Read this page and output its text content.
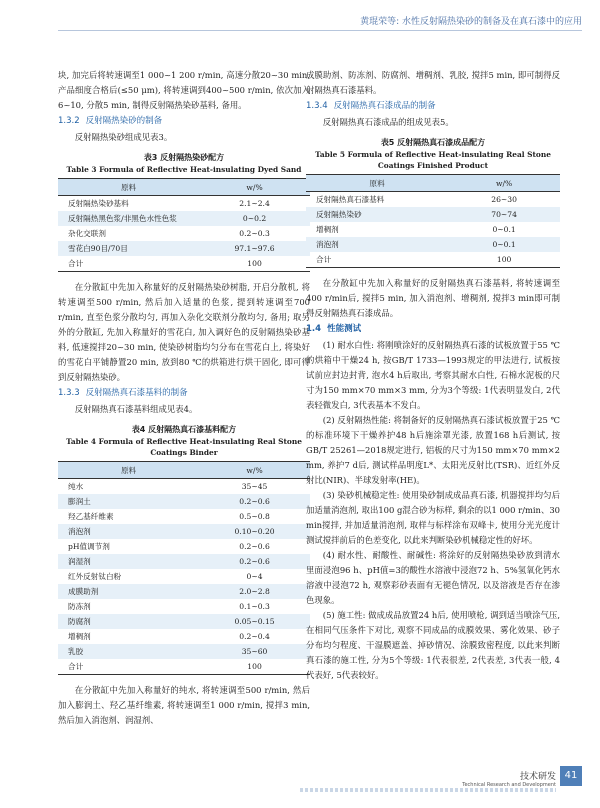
黄琨荣等: 水性反射隔热染砂的制备及在真石漆中的应用

块, 加完后将转速调至1 000~1 200 r/min, 高速分散20~30 min, 产品细度合格后(≤50 μm), 将转速调到400~500 r/min, 依次加入6~10, 分散5 min, 制得反射隔热染砂基料, 备用。

1.3.2 反射隔热染砂的制备

反射隔热染砂组成见表3。

表3 反射隔热染砂配方
Table 3 Formula of Reflective Heat-insulating Dyed Sand
原料	w/%
反射隔热染砂基料	2.1~2.4
反射隔热黑色浆/非黑色水性色浆	0~0.2
杂化交联剂	0.2~0.3
雪花白90目/70目	97.1~97.6
合计	100

在分散缸中先加入称量好的反射隔热染砂树脂, 开启分散机, 将转速调至500 r/min, 然后加入适量的色浆, 提到转速调至700 r/min, 直至色浆分散均匀, 再加入杂化交联剂分散均匀, 备用; 取另外的分散缸, 先加入称量好的雪花白, 加入调好色的反射隔热染砂基料, 低速搅拌20~30 min, 使染砂树脂均匀分布在雪花白上, 将染好的雪花白平铺静置20 min, 放到80 ℃的烘箱进行烘干固化, 即可得到反射隔热染砂。

1.3.3 反射隔热真石漆基料的制备

反射隔热真石漆基料组成见表4。

表4 反射隔热真石漆基料配方
Table 4 Formula of Reflective Heat-insulating Real Stone Coatings Binder
原料	w/%
纯水	35~45
膨润土	0.2~0.6
羟乙基纤维素	0.5~0.8
消泡剂	0.10~0.20
pH值调节剂	0.2~0.6
润湿剂	0.2~0.6
红外反射钛白粉	0~4
成膜助剂	2.0~2.8
防冻剂	0.1~0.3
防腐剂	0.05~0.15
增稠剂	0.2~0.4
乳胶	35~60
合计	100

在分散缸中先加入称量好的纯水, 将转速调至500 r/min, 然后加入膨润土、羟乙基纤维素, 将转速调至1 000 r/min, 搅拌3 min, 然后加入消泡剂、润湿剂、

成膜助剂、防冻剂、防腐剂、增稠剂、乳胶, 搅拌5 min, 即可制得反射隔热真石漆基料。

1.3.4 反射隔热真石漆成品的制备

反射隔热真石漆成品的组成见表5。

表5 反射隔热真石漆成品配方
Table 5 Formula of Reflective Heat-insulating Real Stone Coatings Finished Product
原料	w/%
反射隔热真石漆基料	26~30
反射隔热染砂	70~74
增稠剂	0~0.1
消泡剂	0~0.1
合计	100

在分散缸中先加入称量好的反射隔热真石漆基料, 将转速调至400 r/min后, 搅拌5 min, 加入消泡剂、增稠剂, 搅拌3 min即可制得反射隔热真石漆成品。

1.4 性能测试

(1) 耐水白性: 将刚喷涂好的反射隔热真石漆的试板放置于55 ℃的烘箱中干燥24 h, 按GB/T 1733—1993规定的甲法进行, 试板按试前应封边封背, 泡水4 h后取出, 考察其耐水白性, 石棉水泥板的尺寸为150 mm×70 mm×3 mm, 分为3个等级: 1代表明显发白, 2代表轻微发白, 3代表基本不发白。

(2) 反射隔热性能: 将制备好的反射隔热真石漆试板放置于25 ℃的标准环境下干燥养护48 h后施涂罩光漆, 放置168 h后测试, 按GB/T 25261—2018规定进行, 铝板的尺寸为150 mm×70 mm×2 mm, 养护7 d后, 测试样品明度L*、太阳光反射比(TSR)、近红外反射比(NIR)、半球发射率(HE)。

(3) 染砂机械稳定性: 使用染砂制成成品真石漆, 机器搅拌均匀后加适量消泡剂, 取出100 g混合砂为标样, 剩余的以1 000 r/min、30 min搅拌, 并加适量消泡剂, 取样与标样涂布双峰卡, 使用分光光度计测试搅拌前后的色差变化, 以此来判断染砂机械稳定性的好坏。

(4) 耐水性、耐酸性、耐碱性: 将涂好的反射隔热染砂放到清水里面浸泡96 h、pH值=3的酸性水溶液中浸泡72 h、5%氢氧化钙水溶液中浸泡72 h, 观察彩砂表面有无褪色情况, 以及溶液是否存在渗色现象。

(5) 施工性: 做成成品放置24 h后, 使用喷枪, 调到适当喷涂气压, 在相同气压条件下对比, 观察不同成品的成膜效果、雾化效果、砂子分布均匀程度、干湿膜遮盖、掉砂情况、涂膜致密程度, 以此来判断真石漆的施工性, 分为5个等级: 1代表很差, 2代表差, 3代表一般, 4代表好, 5代表较好。

技术研发
Technical Research and Development
41
